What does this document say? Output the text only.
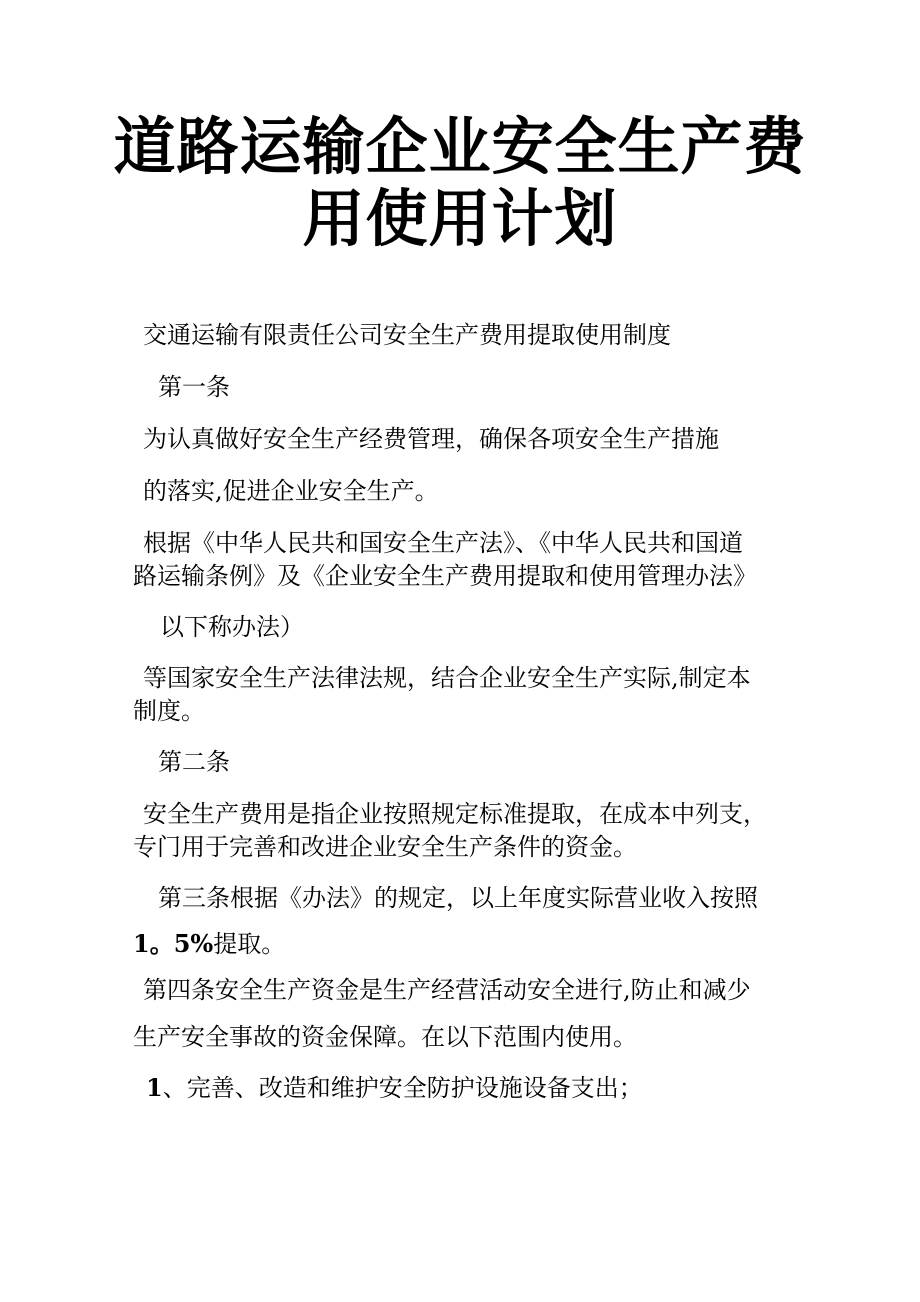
道路运输企业安全生产费
用使用计划

交通运输有限责任公司安全生产费用提取使用制度

第一条

为认真做好安全生产经费管理，确保各项安全生产措施

的落实,促进企业安全生产。

根据《中华人民共和国安全生产法》、《中华人民共和国道

路运输条例》及《企业安全生产费用提取和使用管理办法》

以下称办法）

等国家安全生产法律法规，结合企业安全生产实际,制定本

制度。

第二条

安全生产费用是指企业按照规定标准提取，在成本中列支，

专门用于完善和改进企业安全生产条件的资金。

第三条根据《办法》的规定，以上年度实际营业收入按照

1。5%提取。

第四条安全生产资金是生产经营活动安全进行,防止和减少

生产安全事故的资金保障。在以下范围内使用。

1、完善、改造和维护安全防护设施设备支出；
